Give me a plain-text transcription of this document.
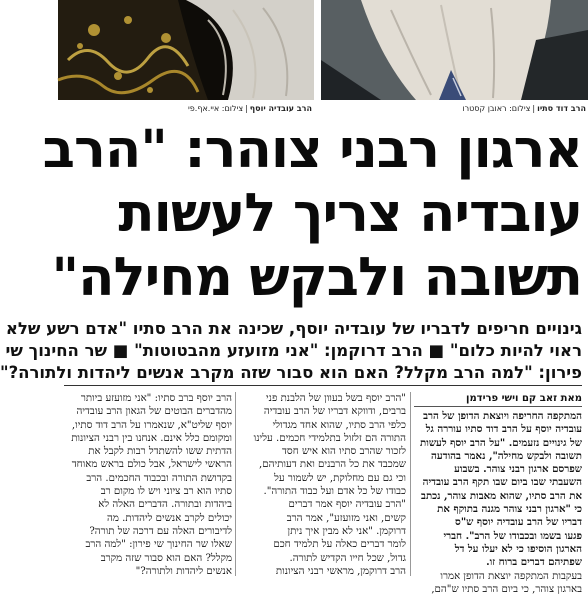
הרב עובדיה יוסף|צילום: איי.אף.פי	הרב דוד סתיו|צילום: ראובן קסטרו
ארגון רבני צוהר: "הרב
עובדיה צריך לעשות
תשובה ולבקש מחילה"
גינויים חריפים לדבריו של עובדיה יוסף, שכינה את הרב סתיו "אדם רשע שלא
ראוי להיות כלום" ■ הרב דרוקמן: "אני מזועזע מהבטוטות" ■ שר החינוך שי
פירון: "למה הרב מקלל? האם הוא סבור שזה מקרב אנשים ליהדות ולתורה?"

מאת זאב קם וישי פרידמן

המתקפה החריפה ויוצאת הדופן של הרב

עובדיה יוסף על הרב דוד סתיו עוררה גל

של גינויים נזעמים. "על הרב יוסף לעשות

תשובה ולבקש מחילה", נאמר בהודעה

שפרסם ארגון רבני צוהר. בשבוע

השעבתי שבו ביום שבו תקף הרב עובדיה

את הרב סתיו, שהוא מאבות צוהר, נכתב

כי "ארגון רבני צוהר מגנה בתוקף את

דבריו של הרב עובדיה יוסף ש"ס

פגעו בשמו ובכבודו של הרב". חברי

הארגון הוסיפו כי לא יעלו על דל

שפתיהם דברים ברוח זו.

בעקבות המתקפה יוצאת הדופן אמרו

בארגון צוהר, כי ביום הרב סתיו ש"הם,

"הרב יוסף בשל בעוון של הלבנת פני

ברבים, ודווקא דבריו של הרב עובדיה

כלפי הרב סתיו, שהוא אחד מגדולי

התורה הם זלזול בתלמידי חכמים. עלינו

לזכור שהרב סתיו הוא איש חסד

שמכבד את כל הרבנים ואת דעותיהם,

וכי גם עם מחלוקת, יש לשמור על

כבודו של כל אדם ועל כבוד התורה".

"הרב עובדיה יוסף אמר דברים

קשים, ואני מזועזע", אמר הרב

דרוקמן. "אני לא מבין איך ניתן

לומר דברים כאלה על תלמיד חכם

גדול, שכל חייו הקדיש לתורה.

הרב דרוקמן, מראשי רבני הציונות

הרב יוסף ברב סתיו: "אני מזועזע ביותר

מהדברים הבוטים של הגאון הרב עובדיה

יוסף שליט"א, שנאמרו על הרב דוד סתיו,

ומקומם כלל אינם. אנחנו בין רבני הציונות

הדתית ששו להשתדל רבות לקבל את

הראשי לישראל, אבל כולם בראש מאוחד

בקדושת התורה ובכבוד החכמים. הרב

סתיו הוא רב ציוני ויש לו מקום רב

ביהדות ובתורה. הדברים האלה לא

יכולים לקרב אנשים ליהדות. מה

לדיבורים האלה עם דרכה של תורה?

שאלו שר החינוך שי פירון: "למה הרב

מקלל? האם הוא סבור שזה מקרב

אנשים ליהדות ולתורה?"
